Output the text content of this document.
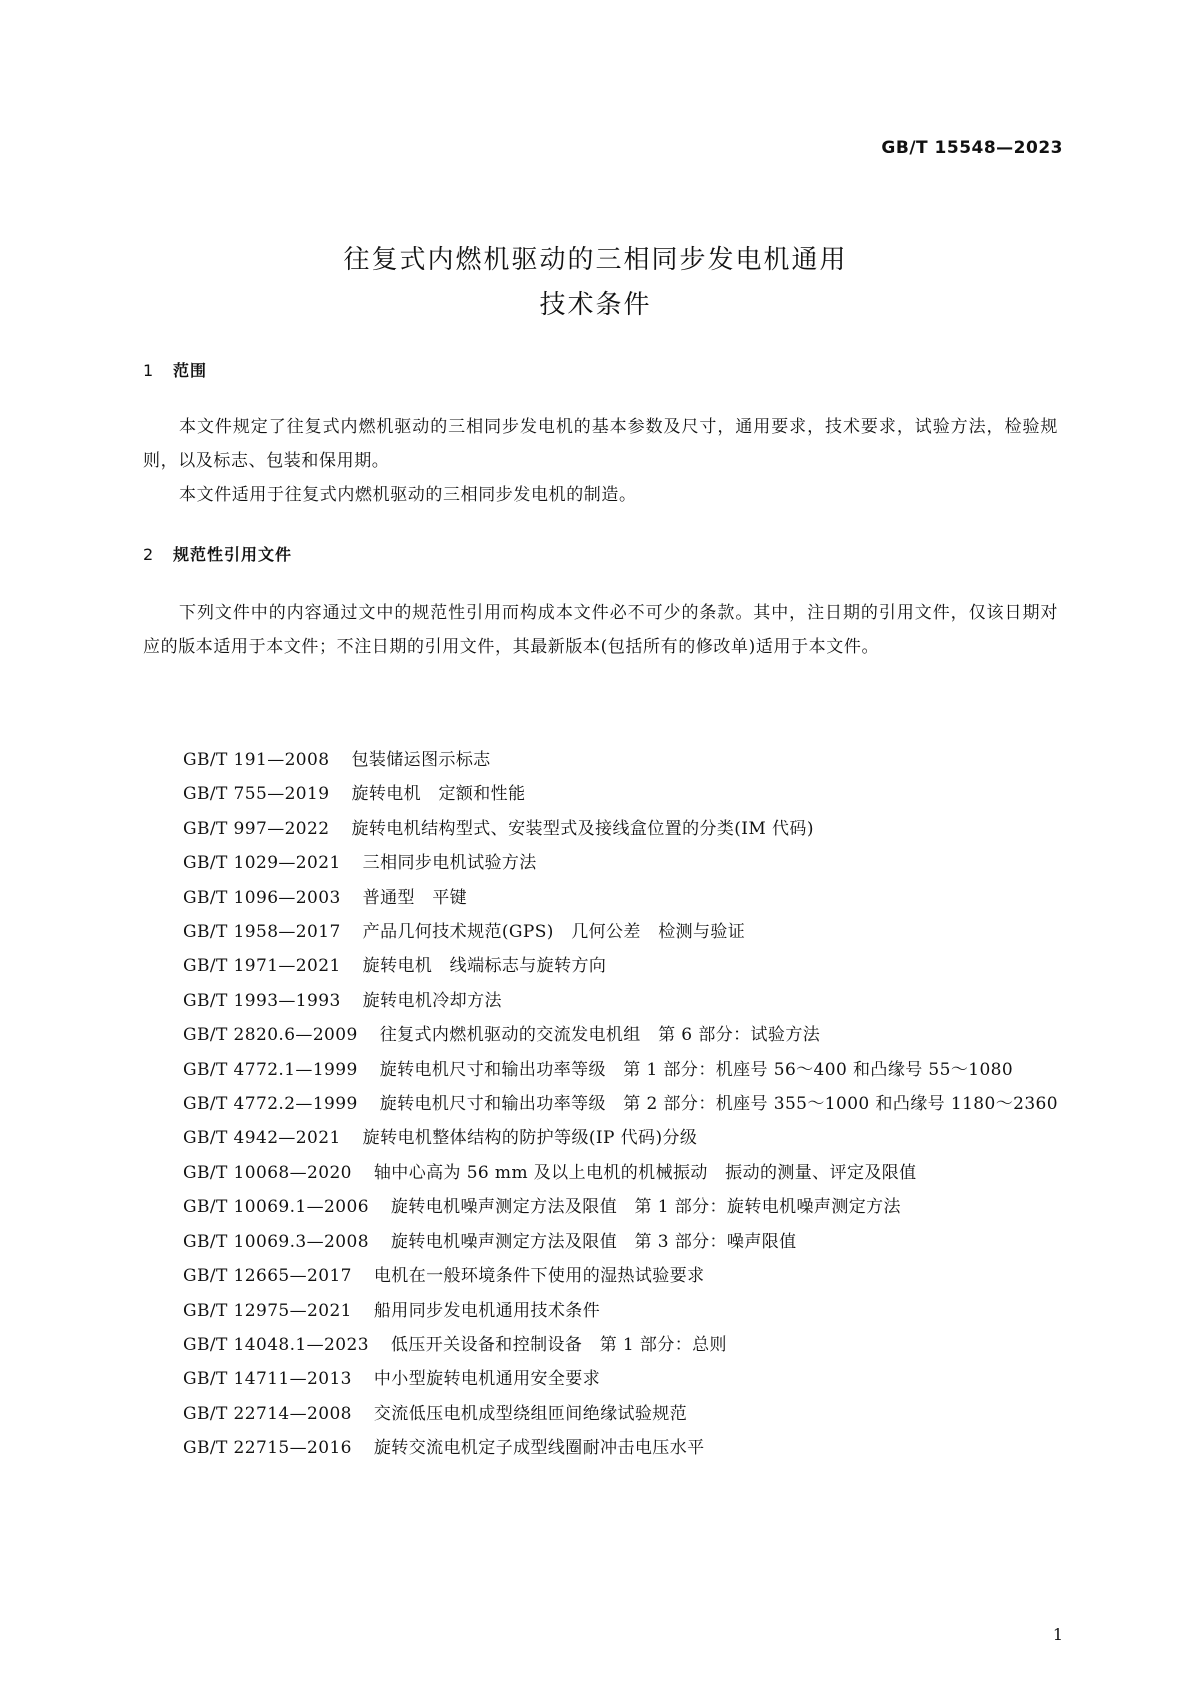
GB/T 15548—2023
往复式内燃机驱动的三相同步发电机通用
技术条件
1 范围
本文件规定了往复式内燃机驱动的三相同步发电机的基本参数及尺寸，通用要求，技术要求，试验方法，检验规则，以及标志、包装和保用期。
本文件适用于往复式内燃机驱动的三相同步发电机的制造。
2 规范性引用文件
下列文件中的内容通过文中的规范性引用而构成本文件必不可少的条款。其中，注日期的引用文件，仅该日期对应的版本适用于本文件；不注日期的引用文件，其最新版本(包括所有的修改单)适用于本文件。
GB/T 191—2008 包装储运图示标志
GB/T 755—2019 旋转电机　定额和性能
GB/T 997—2022 旋转电机结构型式、安装型式及接线盒位置的分类(IM 代码)
GB/T 1029—2021 三相同步电机试验方法
GB/T 1096—2003 普通型　平键
GB/T 1958—2017 产品几何技术规范(GPS)　几何公差　检测与验证
GB/T 1971—2021 旋转电机　线端标志与旋转方向
GB/T 1993—1993 旋转电机冷却方法
GB/T 2820.6—2009 往复式内燃机驱动的交流发电机组　第 6 部分：试验方法
GB/T 4772.1—1999 旋转电机尺寸和输出功率等级　第 1 部分：机座号 56～400 和凸缘号 55～1080
GB/T 4772.2—1999 旋转电机尺寸和输出功率等级　第 2 部分：机座号 355～1000 和凸缘号 1180～2360
GB/T 4942—2021 旋转电机整体结构的防护等级(IP 代码)分级
GB/T 10068—2020 轴中心高为 56 mm 及以上电机的机械振动　振动的测量、评定及限值
GB/T 10069.1—2006 旋转电机噪声测定方法及限值　第 1 部分：旋转电机噪声测定方法
GB/T 10069.3—2008 旋转电机噪声测定方法及限值　第 3 部分：噪声限值
GB/T 12665—2017 电机在一般环境条件下使用的湿热试验要求
GB/T 12975—2021 船用同步发电机通用技术条件
GB/T 14048.1—2023 低压开关设备和控制设备　第 1 部分：总则
GB/T 14711—2013 中小型旋转电机通用安全要求
GB/T 22714—2008 交流低压电机成型绕组匝间绝缘试验规范
GB/T 22715—2016 旋转交流电机定子成型线圈耐冲击电压水平
1
